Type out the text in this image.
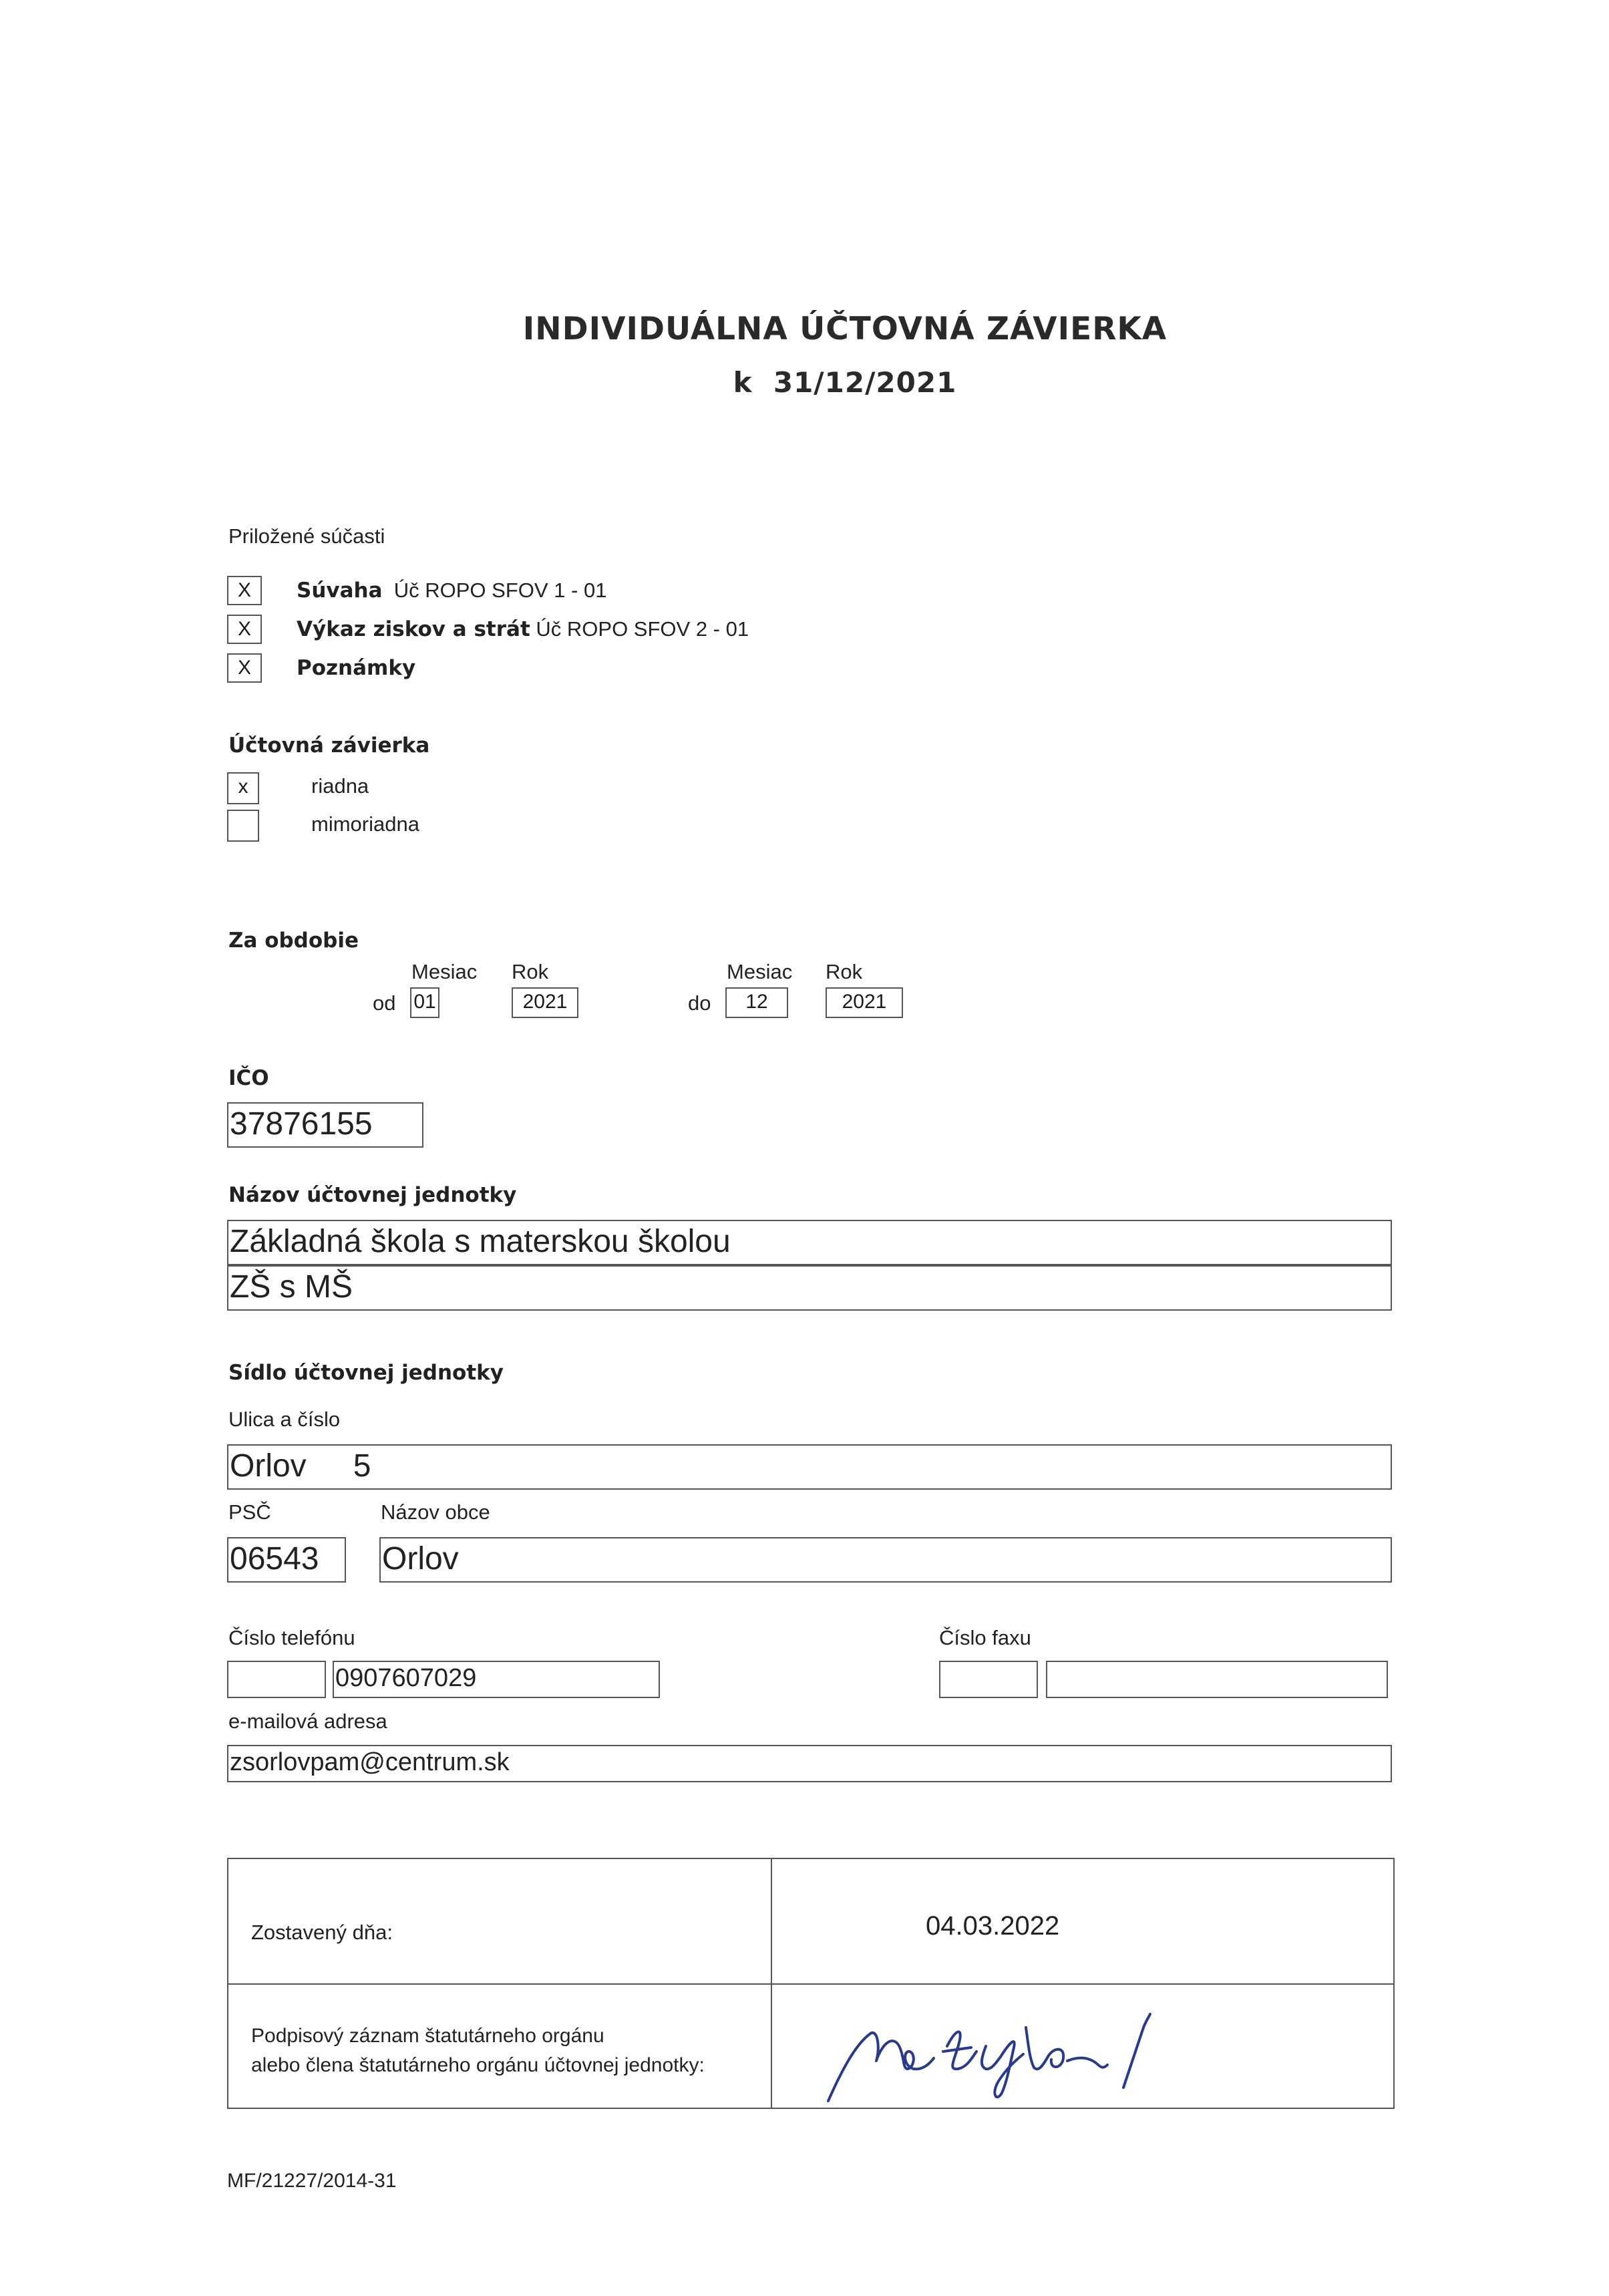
INDIVIDUÁLNA ÚČTOVNÁ ZÁVIERKA
k 31/12/2021
Priložené súčasti
X	Súvaha Úč ROPO SFOV 1 - 01
X	Výkaz ziskov a strát Úč ROPO SFOV 2 - 01
X	Poznámky
Účtovná závierka
x	riadna
mimoriadna
Za obdobie
Mesiac Rok	Mesiac Rok
od 01	2021	do	12	2021
IČO
37876155
Názov účtovnej jednotky
Základná škola s materskou školou
ZŠ s MŠ
Sídlo účtovnej jednotky
Ulica a číslo
Orlov 5
PSČ	Názov obce
06543	Orlov
Číslo telefónu	Číslo faxu
0907607029
e-mailová adresa
zsorlovpam@centrum.sk
Zostavený dňa:	04.03.2022
Podpisový záznam štatutárneho orgánu
alebo člena štatutárneho orgánu účtovnej jednotky:
MF/21227/2014-31
